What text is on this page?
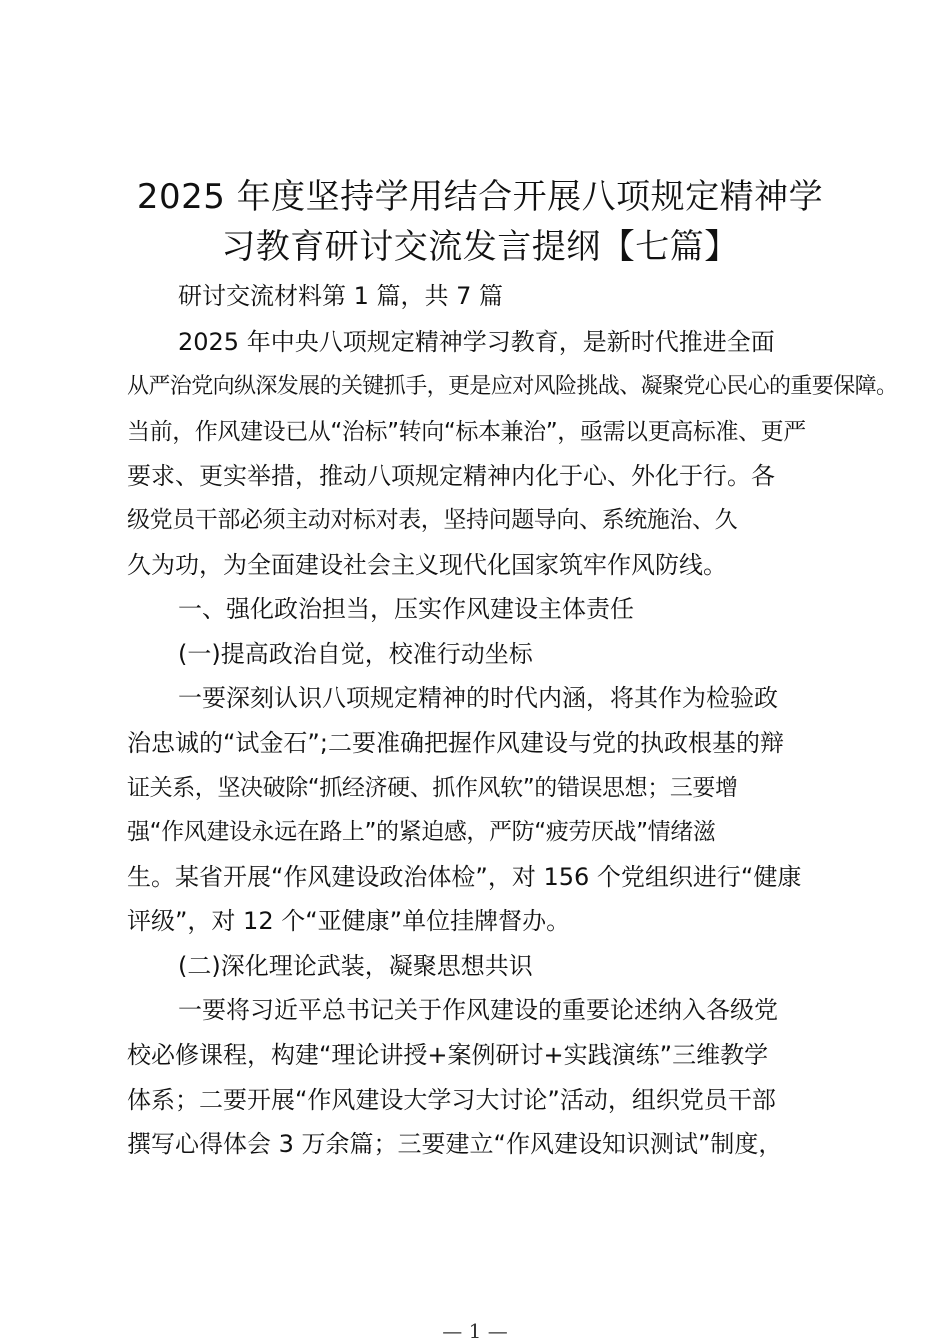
2025 年度坚持学用结合开展八项规定精神学
习教育研讨交流发言提纲【七篇】
研讨交流材料第 1 篇，共 7 篇
2025 年中央八项规定精神学习教育，是新时代推进全面
从严治党向纵深发展的关键抓手，更是应对风险挑战、凝聚党心民心的重要保障。
当前，作风建设已从“治标”转向“标本兼治”，亟需以更高标准、更严
要求、更实举措，推动八项规定精神内化于心、外化于行。各
级党员干部必须主动对标对表，坚持问题导向、系统施治、久
久为功，为全面建设社会主义现代化国家筑牢作风防线。
一、强化政治担当，压实作风建设主体责任
(一)提高政治自觉，校准行动坐标
一要深刻认识八项规定精神的时代内涵，将其作为检验政
治忠诚的“试金石”;二要准确把握作风建设与党的执政根基的辩
证关系，坚决破除“抓经济硬、抓作风软”的错误思想；三要增
强“作风建设永远在路上”的紧迫感，严防“疲劳厌战”情绪滋
生。某省开展“作风建设政治体检”，对 156 个党组织进行“健康
评级”，对 12 个“亚健康”单位挂牌督办。
(二)深化理论武装，凝聚思想共识
一要将习近平总书记关于作风建设的重要论述纳入各级党
校必修课程，构建“理论讲授+案例研讨+实践演练”三维教学
体系；二要开展“作风建设大学习大讨论”活动，组织党员干部
撰写心得体会 3 万余篇；三要建立“作风建设知识测试”制度，
— 1 —
